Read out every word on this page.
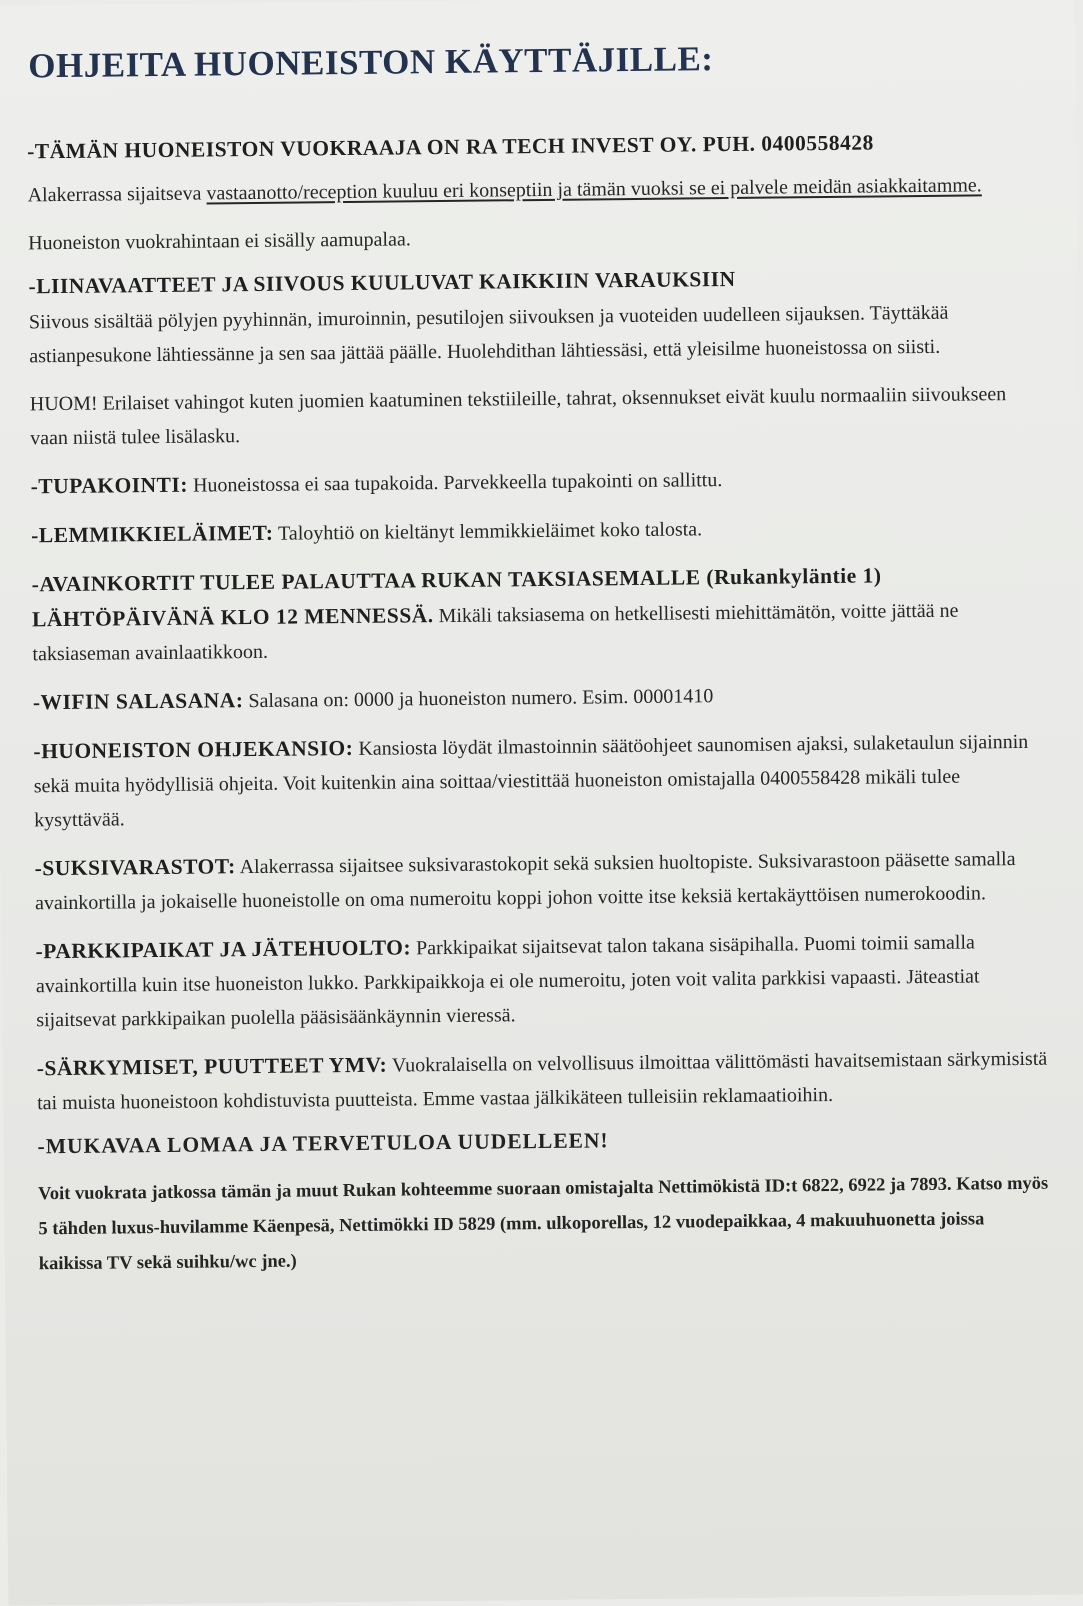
OHJEITA HUONEISTON KÄYTTÄJILLE:
-TÄMÄN HUONEISTON VUOKRAAJA ON RA TECH INVEST OY. PUH. 0400558428

Alakerrassa sijaitseva vastaanotto/reception kuuluu eri konseptiin ja tämän vuoksi se ei palvele meidän asiakkaitamme.

Huoneiston vuokrahintaan ei sisälly aamupalaa.

-LIINAVAATTEET JA SIIVOUS KUULUVAT KAIKKIIN VARAUKSIIN

Siivous sisältää pölyjen pyyhinnän, imuroinnin, pesutilojen siivouksen ja vuoteiden uudelleen sijauksen. Täyttäkää astianpesukone lähtiessänne ja sen saa jättää päälle. Huolehdithan lähtiessäsi, että yleisilme huoneistossa on siisti.

HUOM! Erilaiset vahingot kuten juomien kaatuminen tekstiileille, tahrat, oksennukset eivät kuulu normaaliin siivoukseen vaan niistä tulee lisälasku.

-TUPAKOINTI: Huoneistossa ei saa tupakoida. Parvekkeella tupakointi on sallittu.

-LEMMIKKIELÄIMET: Taloyhtiö on kieltänyt lemmikkieläimet koko talosta.

-AVAINKORTIT TULEE PALAUTTAA RUKAN TAKSIASEMALLE (Rukankyläntie 1) LÄHTÖPÄIVÄNÄ KLO 12 MENNESSÄ. Mikäli taksiasema on hetkellisesti miehittämätön, voitte jättää ne taksiaseman avainlaatikkoon.

-WIFIN SALASANA: Salasana on: 0000 ja huoneiston numero. Esim. 00001410

-HUONEISTON OHJEKANSIO: Kansiosta löydät ilmastoinnin säätöohjeet saunomisen ajaksi, sulaketaulun sijainnin sekä muita hyödyllisiä ohjeita. Voit kuitenkin aina soittaa/viestittää huoneiston omistajalla 0400558428 mikäli tulee kysyttävää.

-SUKSIVARASTOT: Alakerrassa sijaitsee suksivarastokopit sekä suksien huoltopiste. Suksivarastoon pääsette samalla avainkortilla ja jokaiselle huoneistolle on oma numeroitu koppi johon voitte itse keksiä kertakäyttöisen numerokoodin.

-PARKKIPAIKAT JA JÄTEHUOLTO: Parkkipaikat sijaitsevat talon takana sisäpihalla. Puomi toimii samalla avainkortilla kuin itse huoneiston lukko. Parkkipaikkoja ei ole numeroitu, joten voit valita parkkisi vapaasti. Jäteastiat sijaitsevat parkkipaikan puolella pääsisäänkäynnin vieressä.

-SÄRKYMISET, PUUTTEET YMV: Vuokralaisella on velvollisuus ilmoittaa välittömästi havaitsemistaan särkymisistä tai muista huoneistoon kohdistuvista puutteista. Emme vastaa jälkikäteen tulleisiin reklamaatioihin.

-MUKAVAA LOMAA JA TERVETULOA UUDELLEEN!
Voit vuokrata jatkossa tämän ja muut Rukan kohteemme suoraan omistajalta Nettimökistä ID:t 6822, 6922 ja 7893. Katso myös 5 tähden luxus-huvilamme Käenpesä, Nettimökki ID 5829 (mm. ulkoporellas, 12 vuodepaikkaa, 4 makuuhuonetta joissa kaikissa TV sekä suihku/wc jne.)
